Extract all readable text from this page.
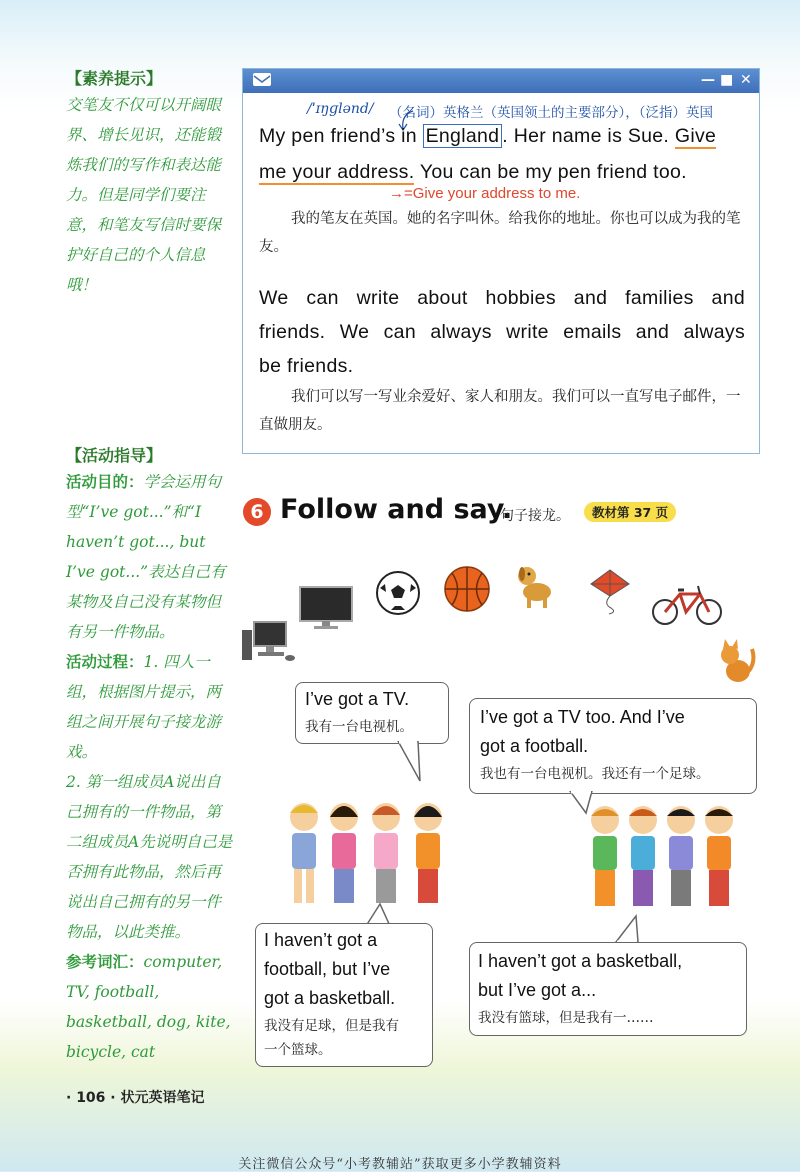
【素养提示】
交笔友不仅可以开阔眼界、增长见识，还能锻炼我们的写作和表达能力。但是同学们要注意，和笔友写信时要保护好自己的个人信息哦！
【活动指导】

活动目的：学会运用句型“I’ve got...”和“I haven’t got..., but I’ve got...”表达自己有某物及自己没有某物但有另一件物品。

活动过程：1. 四人一组，根据图片提示，两组之间开展句子接龙游戏。

2. 第一组成员A说出自己拥有的一件物品，第二组成员A先说明自己是否拥有此物品，然后再说出自己拥有的另一件物品，以此类推。

参考词汇：computer, TV, football, basketball, dog, kite, bicycle, cat

— ■ ✕
/ˈɪŋɡlənd/ （名词）英格兰（英国领土的主要部分），（泛指）英国
My pen friend’s in England . Her name is Sue. Give
me your address. You can be my pen friend too.
→=Give your address to me.
我的笔友在英国。她的名字叫休。给我你的地址。你也可以成为我的笔友。
We can write about hobbies and families and
friends. We can always write emails and always
be friends.
我们可以写一写业余爱好、家人和朋友。我们可以一直写电子邮件，一直做朋友。
6 Follow and say.
句子接龙。	教材第 37 页
I’ve got a TV.
我有一台电视机。	I’ve got a TV too. And I’ve
got a football.
我也有一台电视机。我还有一个足球。
I haven’t got a
football, but I’ve
got a basketball.
我没有足球，但是我有
一个篮球。
I haven’t got a basketball,
but I’ve got a...
我没有篮球，但是我有一……
· 106 · 状元英语笔记
关注微信公众号“小考教辅站”获取更多小学教辅资料
